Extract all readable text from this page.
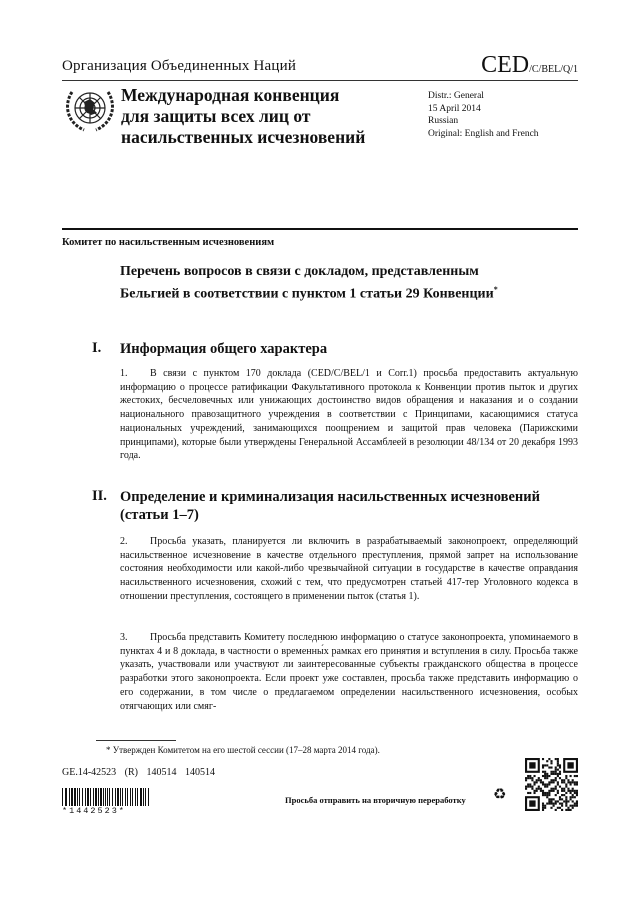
Организация Объединенных Наций	CED/C/BEL/Q/1
Международная конвенция
для защиты всех лиц от
насильственных исчезновений
Distr.: General
15 April 2014
Russian
Original: English and French
Комитет по насильственным исчезновениям
Перечень вопросов в связи с докладом, представленным Бельгией в соответствии с пунктом 1 статьи 29 Конвенции*
I. Информация общего характера
1. В связи с пунктом 170 доклада (CED/C/BEL/1 и Corr.1) просьба предоставить актуальную информацию о процессе ратификации Факультативного протокола к Конвенции против пыток и других жестоких, бесчеловечных или унижающих достоинство видов обращения и наказания и о создании национального правозащитного учреждения в соответствии с Принципами, касающимися статуса национальных учреждений, занимающихся поощрением и защитой прав человека (Парижскими принципами), которые были утверждены Генеральной Ассамблеей в резолюции 48/134 от 20 декабря 1993 года.
II. Определение и криминализация насильственных исчезновений (статьи 1–7)
2. Просьба указать, планируется ли включить в разрабатываемый законопроект, определяющий насильственное исчезновение в качестве отдельного преступления, прямой запрет на использование состояния необходимости или какой-либо чрезвычайной ситуации в государстве в качестве оправдания насильственного исчезновения, схожий с тем, что предусмотрен статьей 417-тер Уголовного кодекса в отношении преступления, состоящего в применении пыток (статья 1).
3. Просьба представить Комитету последнюю информацию о статусе законопроекта, упоминаемого в пунктах 4 и 8 доклада, в частности о временны́х рамках его принятия и вступления в силу. Просьба также указать, участвовали или участвуют ли заинтересованные субъекты гражданского общества в процессе разработки этого законопроекта. Если проект уже составлен, просьба также представить информацию о его содержании, в том числе о предлагаемом определении насильственного исчезновения, особых отягчающих или смяг-
* Утвержден Комитетом на его шестой сессии (17–28 марта 2014 года).
GE.14-42523 (R) 140514 140514
*1442523*
Просьба отправить на вторичную переработку ♻
